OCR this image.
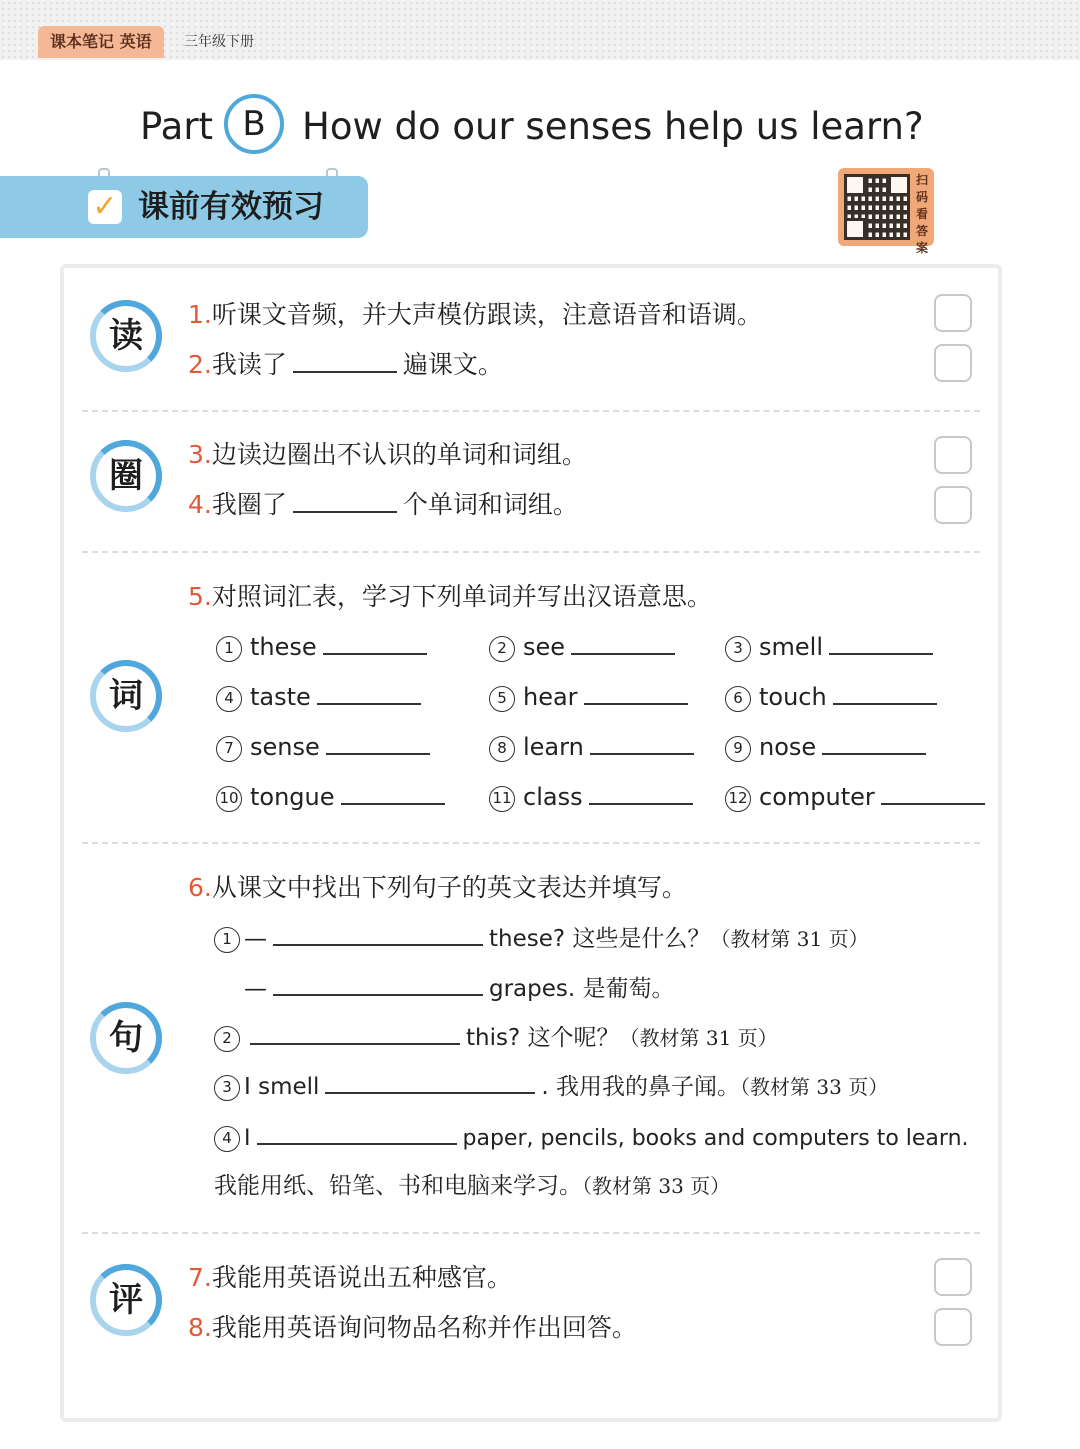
课本笔记 英语	三年级下册
Part B How do our senses help us learn?
✓ 课前有效预习
扫码看答案
读
1.听课文音频，并大声模仿跟读，注意语音和语调。
2.我读了	遍课文。
圈
3.边读边圈出不认识的单词和词组。
4.我圈了	个单词和词组。
词
5.对照词汇表，学习下列单词并写出汉语意思。
1 these	2 see	3 smell
4 taste	5 hear	6 touch
7 sense	8 learn	9 nose
10 tongue	11 class	12 computer
句
6.从课文中找出下列句子的英文表达并填写。
1 —	these? 这些是什么？（教材第 31 页）
—	grapes. 是葡萄。
2	this? 这个呢？（教材第 31 页）
3 I smell	. 我用我的鼻子闻。（教材第 33 页）
4 I	paper, pencils, books and computers to learn.
我能用纸、铅笔、书和电脑来学习。（教材第 33 页）
评
7.我能用英语说出五种感官。
8.我能用英语询问物品名称并作出回答。
